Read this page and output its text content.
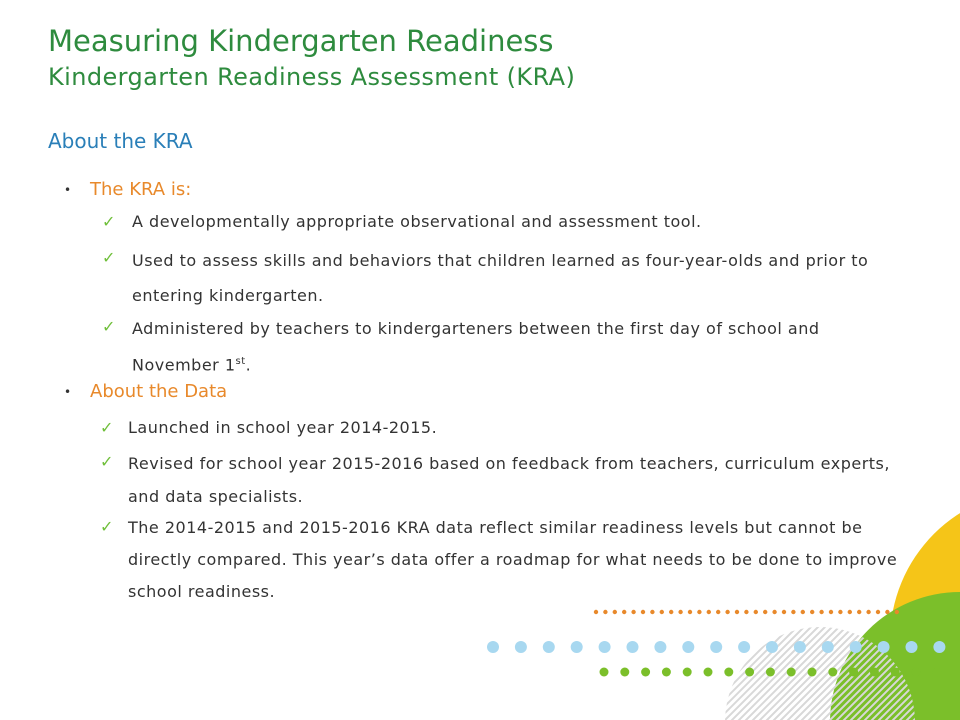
Measuring Kindergarten Readiness
Kindergarten Readiness Assessment (KRA)
About the KRA
• The KRA is:
✓ A developmentally appropriate observational and assessment tool.
✓ Used to assess skills and behaviors that children learned as four-year-olds and prior to entering kindergarten.
✓ Administered by teachers to kindergarteners between the first day of school and November 1st.
• About the Data
✓ Launched in school year 2014-2015.
✓ Revised for school year 2015-2016 based on feedback from teachers, curriculum experts, and data specialists.
✓ The 2014-2015 and 2015-2016 KRA data reflect similar readiness levels but cannot be directly compared. This year’s data offer a roadmap for what needs to be done to improve school readiness.
